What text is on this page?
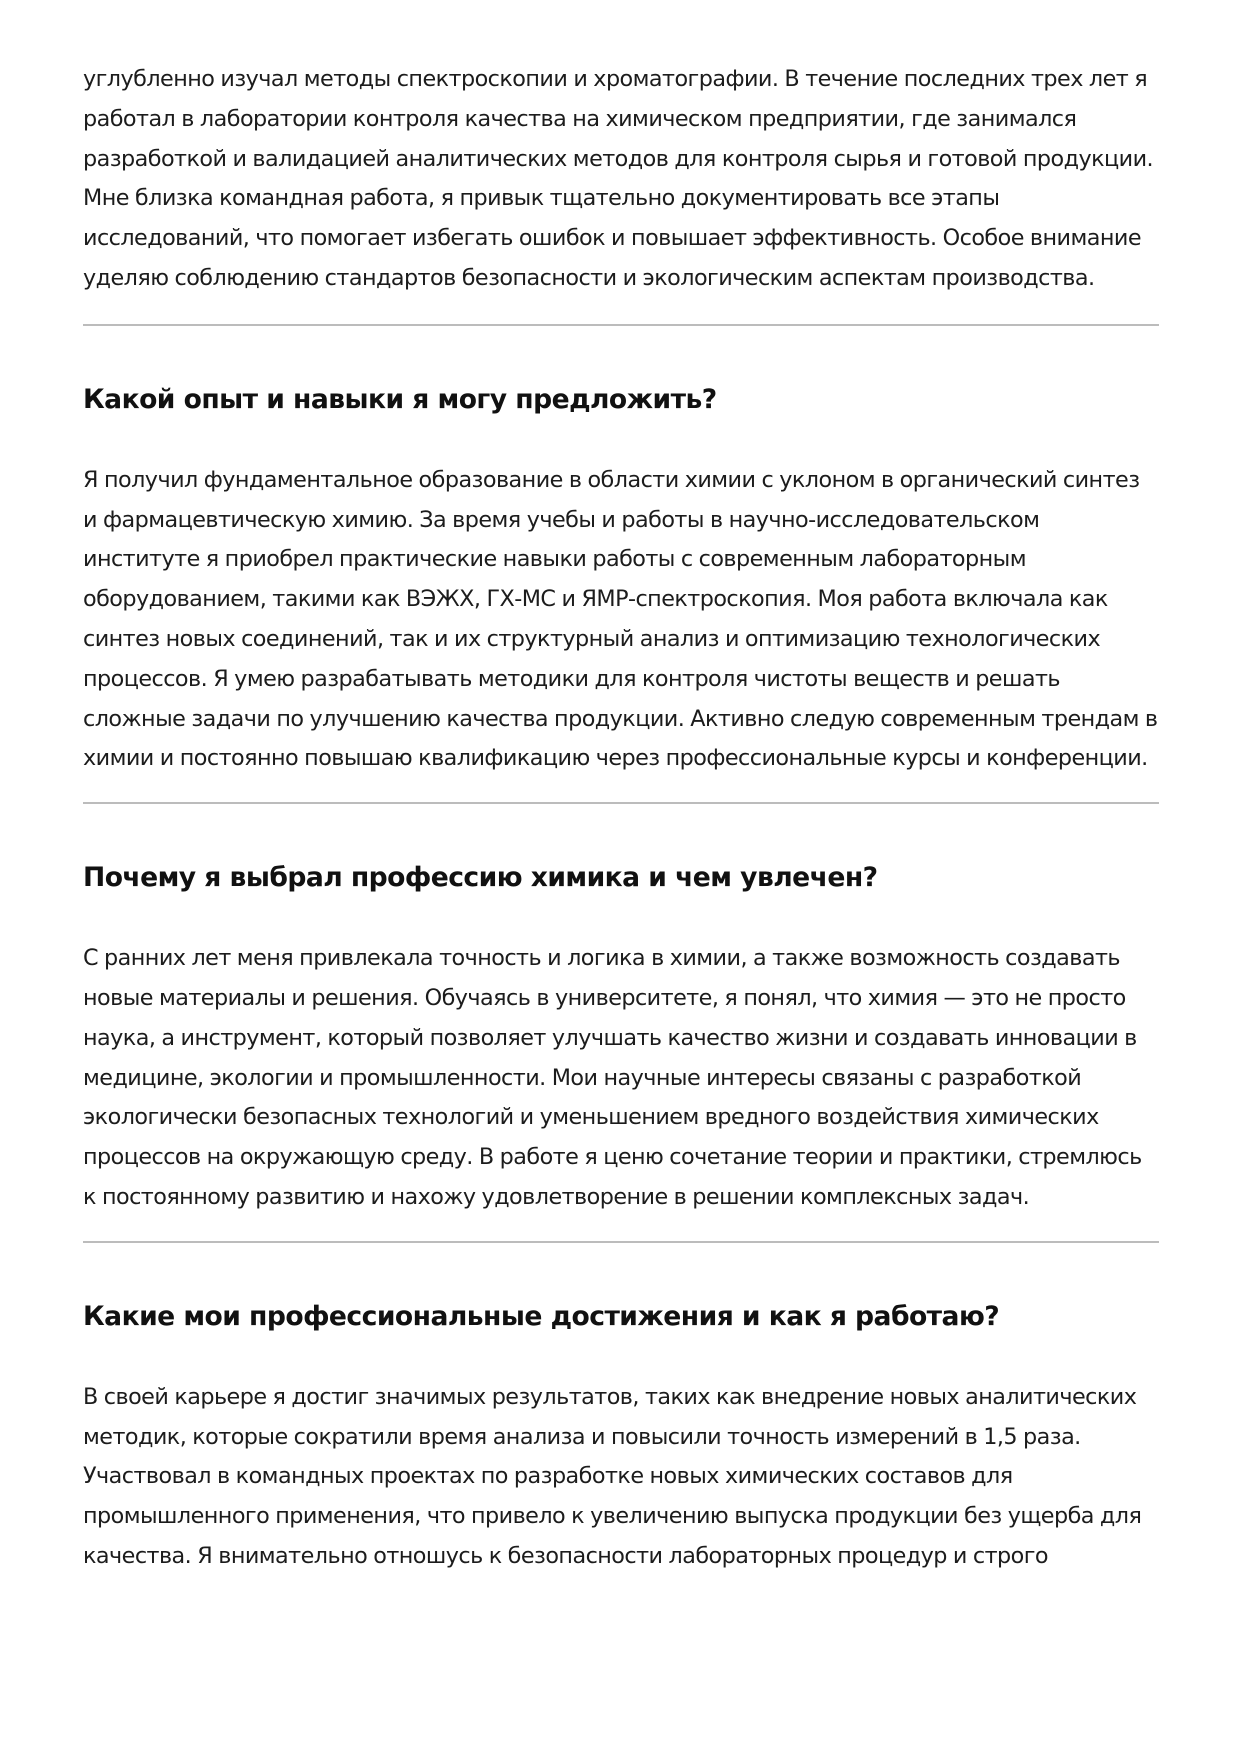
углубленно изучал методы спектроскопии и хроматографии. В течение последних трех лет я работал в лаборатории контроля качества на химическом предприятии, где занимался разработкой и валидацией аналитических методов для контроля сырья и готовой продукции. Мне близка командная работа, я привык тщательно документировать все этапы исследований, что помогает избегать ошибок и повышает эффективность. Особое внимание уделяю соблюдению стандартов безопасности и экологическим аспектам производства.

Какой опыт и навыки я могу предложить?

Я получил фундаментальное образование в области химии с уклоном в органический синтез и фармацевтическую химию. За время учебы и работы в научно-исследовательском институте я приобрел практические навыки работы с современным лабораторным оборудованием, такими как ВЭЖХ, ГХ-МС и ЯМР-спектроскопия. Моя работа включала как синтез новых соединений, так и их структурный анализ и оптимизацию технологических процессов. Я умею разрабатывать методики для контроля чистоты веществ и решать сложные задачи по улучшению качества продукции. Активно следую современным трендам в химии и постоянно повышаю квалификацию через профессиональные курсы и конференции.

Почему я выбрал профессию химика и чем увлечен?

С ранних лет меня привлекала точность и логика в химии, а также возможность создавать новые материалы и решения. Обучаясь в университете, я понял, что химия — это не просто наука, а инструмент, который позволяет улучшать качество жизни и создавать инновации в медицине, экологии и промышленности. Мои научные интересы связаны с разработкой экологически безопасных технологий и уменьшением вредного воздействия химических процессов на окружающую среду. В работе я ценю сочетание теории и практики, стремлюсь к постоянному развитию и нахожу удовлетворение в решении комплексных задач.

Какие мои профессиональные достижения и как я работаю?

В своей карьере я достиг значимых результатов, таких как внедрение новых аналитических методик, которые сократили время анализа и повысили точность измерений в 1,5 раза. Участвовал в командных проектах по разработке новых химических составов для промышленного применения, что привело к увеличению выпуска продукции без ущерба для качества. Я внимательно отношусь к безопасности лабораторных процедур и строго
